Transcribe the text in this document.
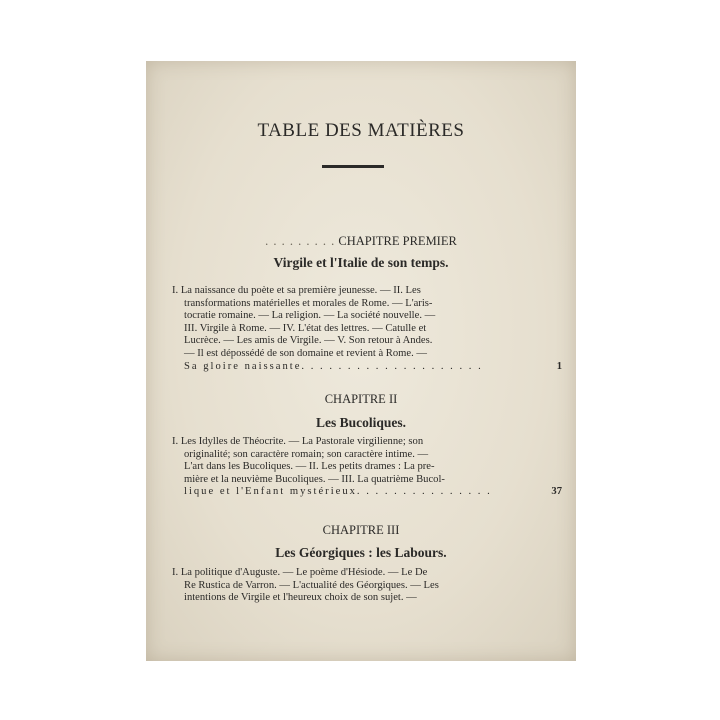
TABLE DES MATIÈRES
. . . . . . . . . CHAPITRE PREMIER
Virgile et l'Italie de son temps.
I. La naissance du poète et sa première jeunesse. — II. Les
transformations matérielles et morales de Rome. — L'aris-
tocratie romaine. — La religion. — La société nouvelle. —
III. Virgile à Rome. — IV. L'état des lettres. — Catulle et
Lucrèce. — Les amis de Virgile. — V. Son retour à Andes.
— Il est dépossédé de son domaine et revient à Rome. —
Sa gloire naissante. . . . . . . . . . . . . . . . . . . .	1
CHAPITRE II
Les Bucoliques.
I. Les Idylles de Théocrite. — La Pastorale virgilienne; son
originalité; son caractère romain; son caractère intime. —
L'art dans les Bucoliques. — II. Les petits drames : La pre-
mière et la neuvième Bucoliques. — III. La quatrième Bucol-
lique et l'Enfant mystérieux. . . . . . . . . . . . . . .	37
CHAPITRE III
Les Géorgiques : les Labours.
I. La politique d'Auguste. — Le poème d'Hésiode. — Le De
Re Rustica de Varron. — L'actualité des Géorgiques. — Les
intentions de Virgile et l'heureux choix de son sujet. —
